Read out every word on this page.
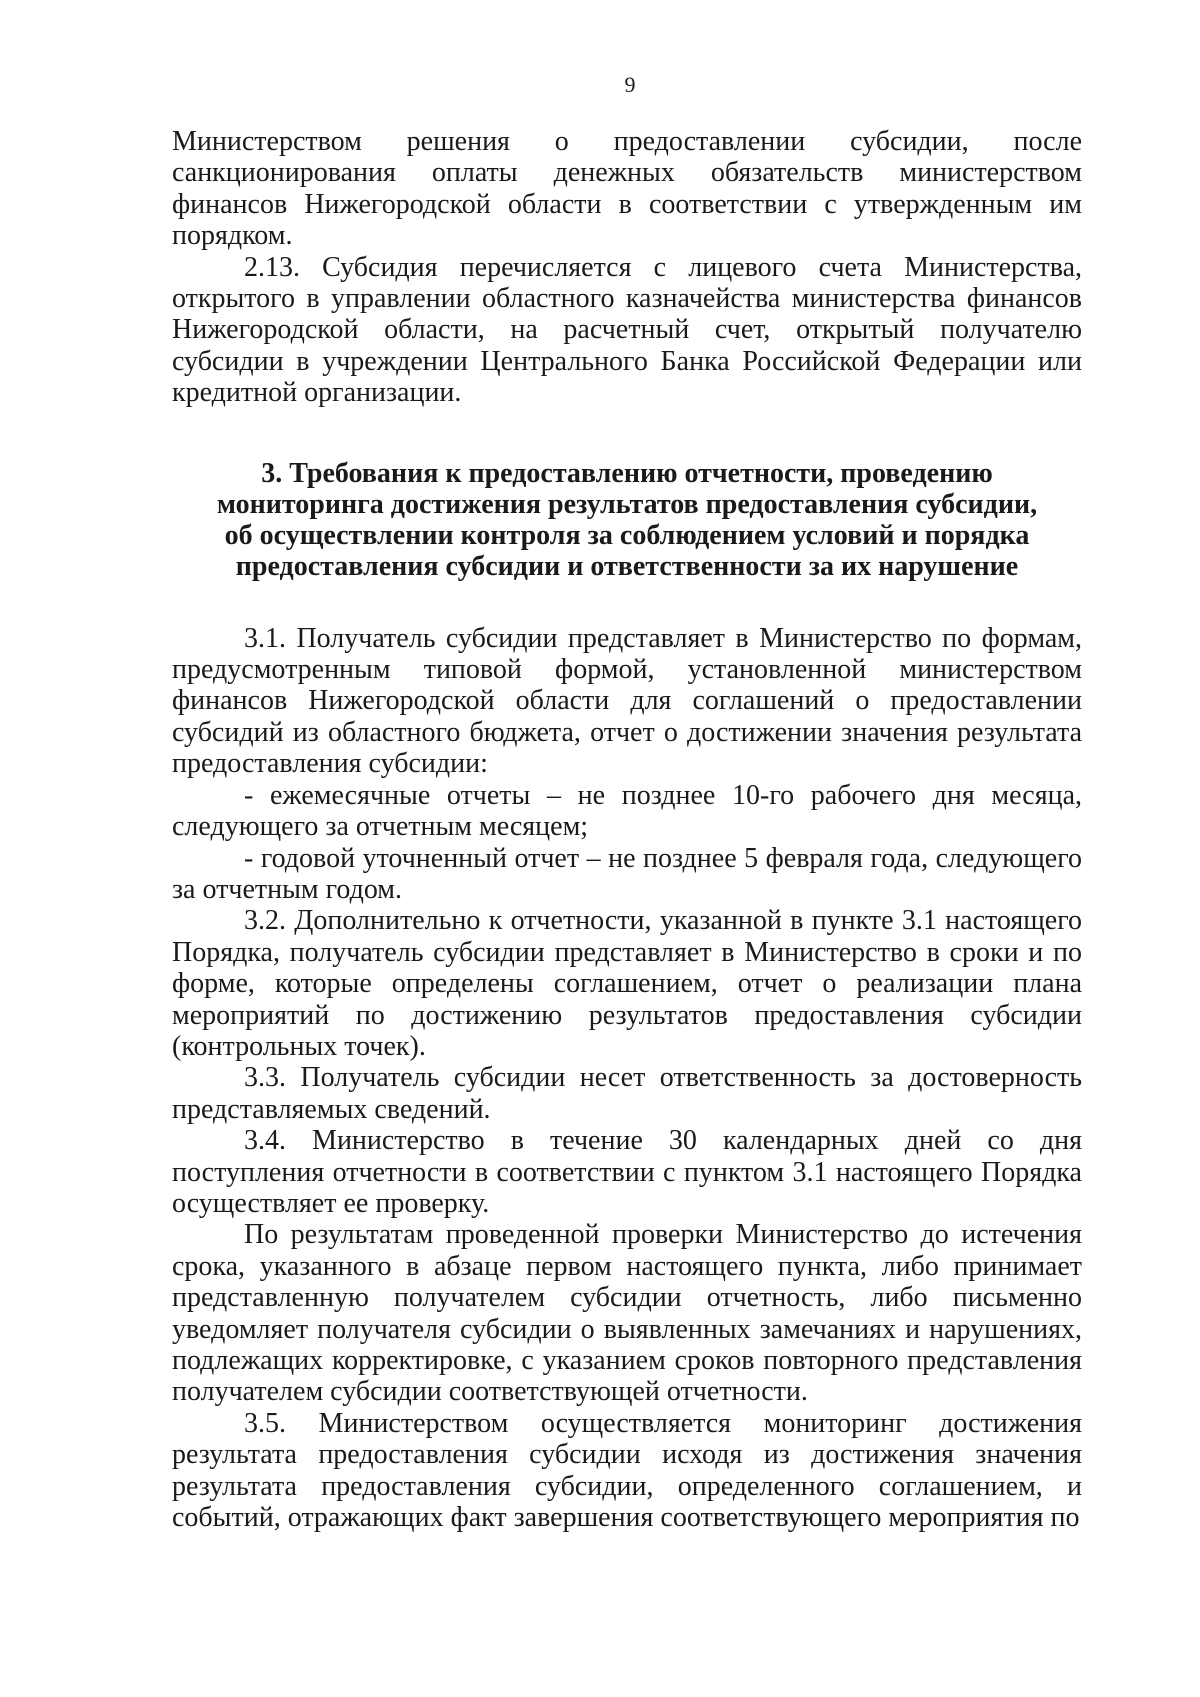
9

Министерством решения о предоставлении субсидии, после санкционирования оплаты денежных обязательств министерством финансов Нижегородской области в соответствии с утвержденным им порядком.

2.13. Субсидия перечисляется с лицевого счета Министерства, открытого в управлении областного казначейства министерства финансов Нижегородской области, на расчетный счет, открытый получателю субсидии в учреждении Центрального Банка Российской Федерации или кредитной организации.

3. Требования к предоставлению отчетности, проведению
мониторинга достижения результатов предоставления субсидии,
об осуществлении контроля за соблюдением условий и порядка
предоставления субсидии и ответственности за их нарушение

3.1. Получатель субсидии представляет в Министерство по формам, предусмотренным типовой формой, установленной министерством финансов Нижегородской области для соглашений о предоставлении субсидий из областного бюджета, отчет о достижении значения результата предоставления субсидии:

- ежемесячные отчеты – не позднее 10-го рабочего дня месяца, следующего за отчетным месяцем;

- годовой уточненный отчет – не позднее 5 февраля года, следующего за отчетным годом.

3.2. Дополнительно к отчетности, указанной в пункте 3.1 настоящего Порядка, получатель субсидии представляет в Министерство в сроки и по форме, которые определены соглашением, отчет о реализации плана мероприятий по достижению результатов предоставления субсидии (контрольных точек).

3.3. Получатель субсидии несет ответственность за достоверность представляемых сведений.

3.4. Министерство в течение 30 календарных дней со дня поступления отчетности в соответствии с пунктом 3.1 настоящего Порядка осуществляет ее проверку.

По результатам проведенной проверки Министерство до истечения срока, указанного в абзаце первом настоящего пункта, либо принимает представленную получателем субсидии отчетность, либо письменно уведомляет получателя субсидии о выявленных замечаниях и нарушениях, подлежащих корректировке, с указанием сроков повторного представления получателем субсидии соответствующей отчетности.

3.5. Министерством осуществляется мониторинг достижения результата предоставления субсидии исходя из достижения значения результата предоставления субсидии, определенного соглашением, и событий, отражающих факт завершения соответствующего мероприятия по
